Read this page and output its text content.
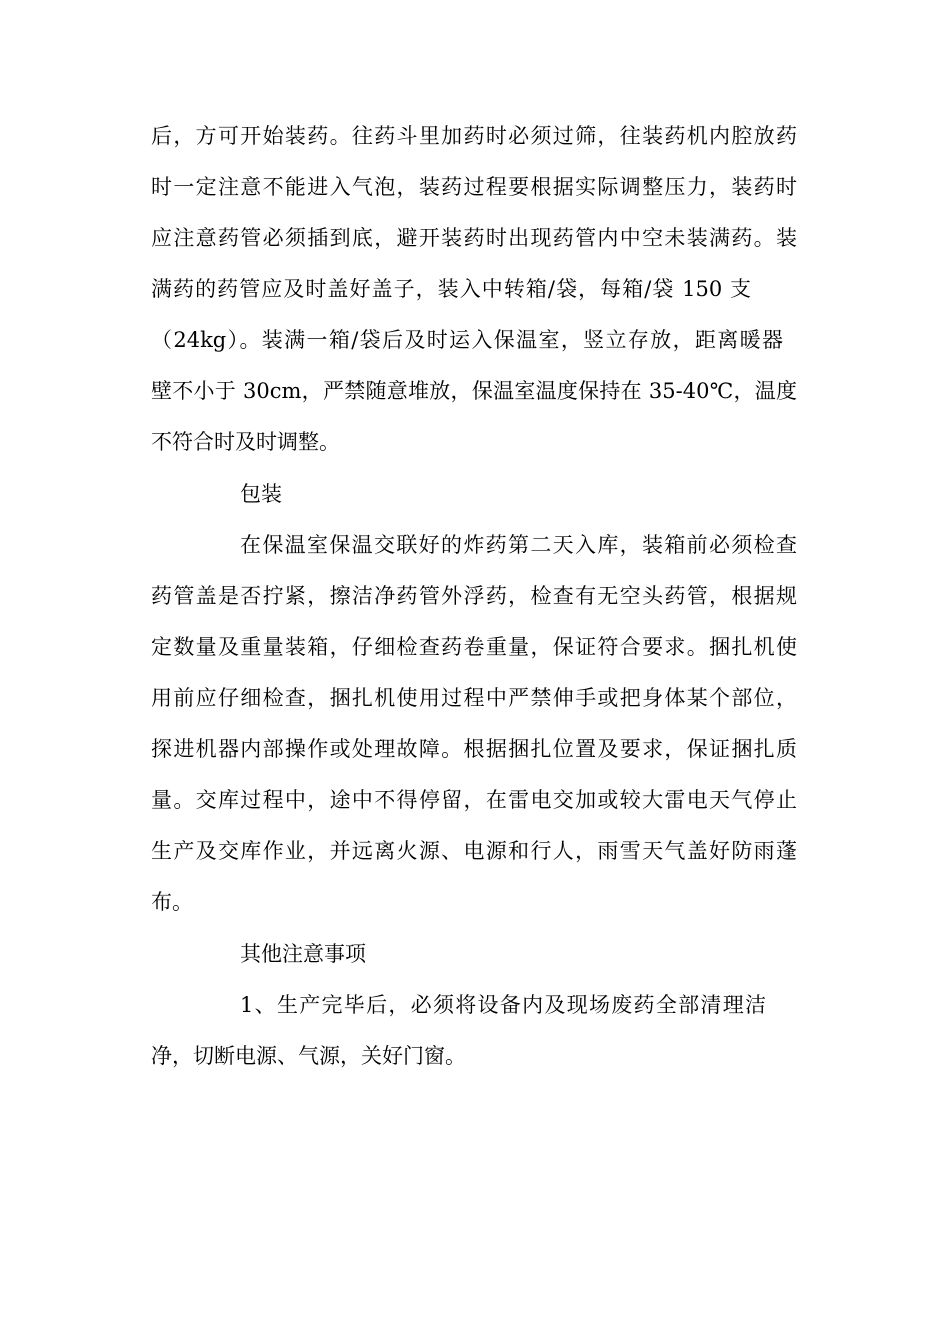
后，方可开始装药。往药斗里加药时必须过筛，往装药机内腔放药

时一定注意不能进入气泡，装药过程要根据实际调整压力，装药时

应注意药管必须插到底，避开装药时出现药管内中空未装满药。装

满药的药管应及时盖好盖子，装入中转箱/袋，每箱/袋 150 支

（24kg）。装满一箱/袋后及时运入保温室，竖立存放，距离暖器

壁不小于 30cm，严禁随意堆放，保温室温度保持在 35-40℃，温度

不符合时及时调整。

包装

在保温室保温交联好的炸药第二天入库，装箱前必须检查

药管盖是否拧紧，擦洁净药管外浮药，检查有无空头药管，根据规

定数量及重量装箱，仔细检查药卷重量，保证符合要求。捆扎机使

用前应仔细检查，捆扎机使用过程中严禁伸手或把身体某个部位，

探进机器内部操作或处理故障。根据捆扎位置及要求，保证捆扎质

量。交库过程中，途中不得停留，在雷电交加或较大雷电天气停止

生产及交库作业，并远离火源、电源和行人，雨雪天气盖好防雨蓬

布。

其他注意事项

1、生产完毕后，必须将设备内及现场废药全部清理洁

净，切断电源、气源，关好门窗。
